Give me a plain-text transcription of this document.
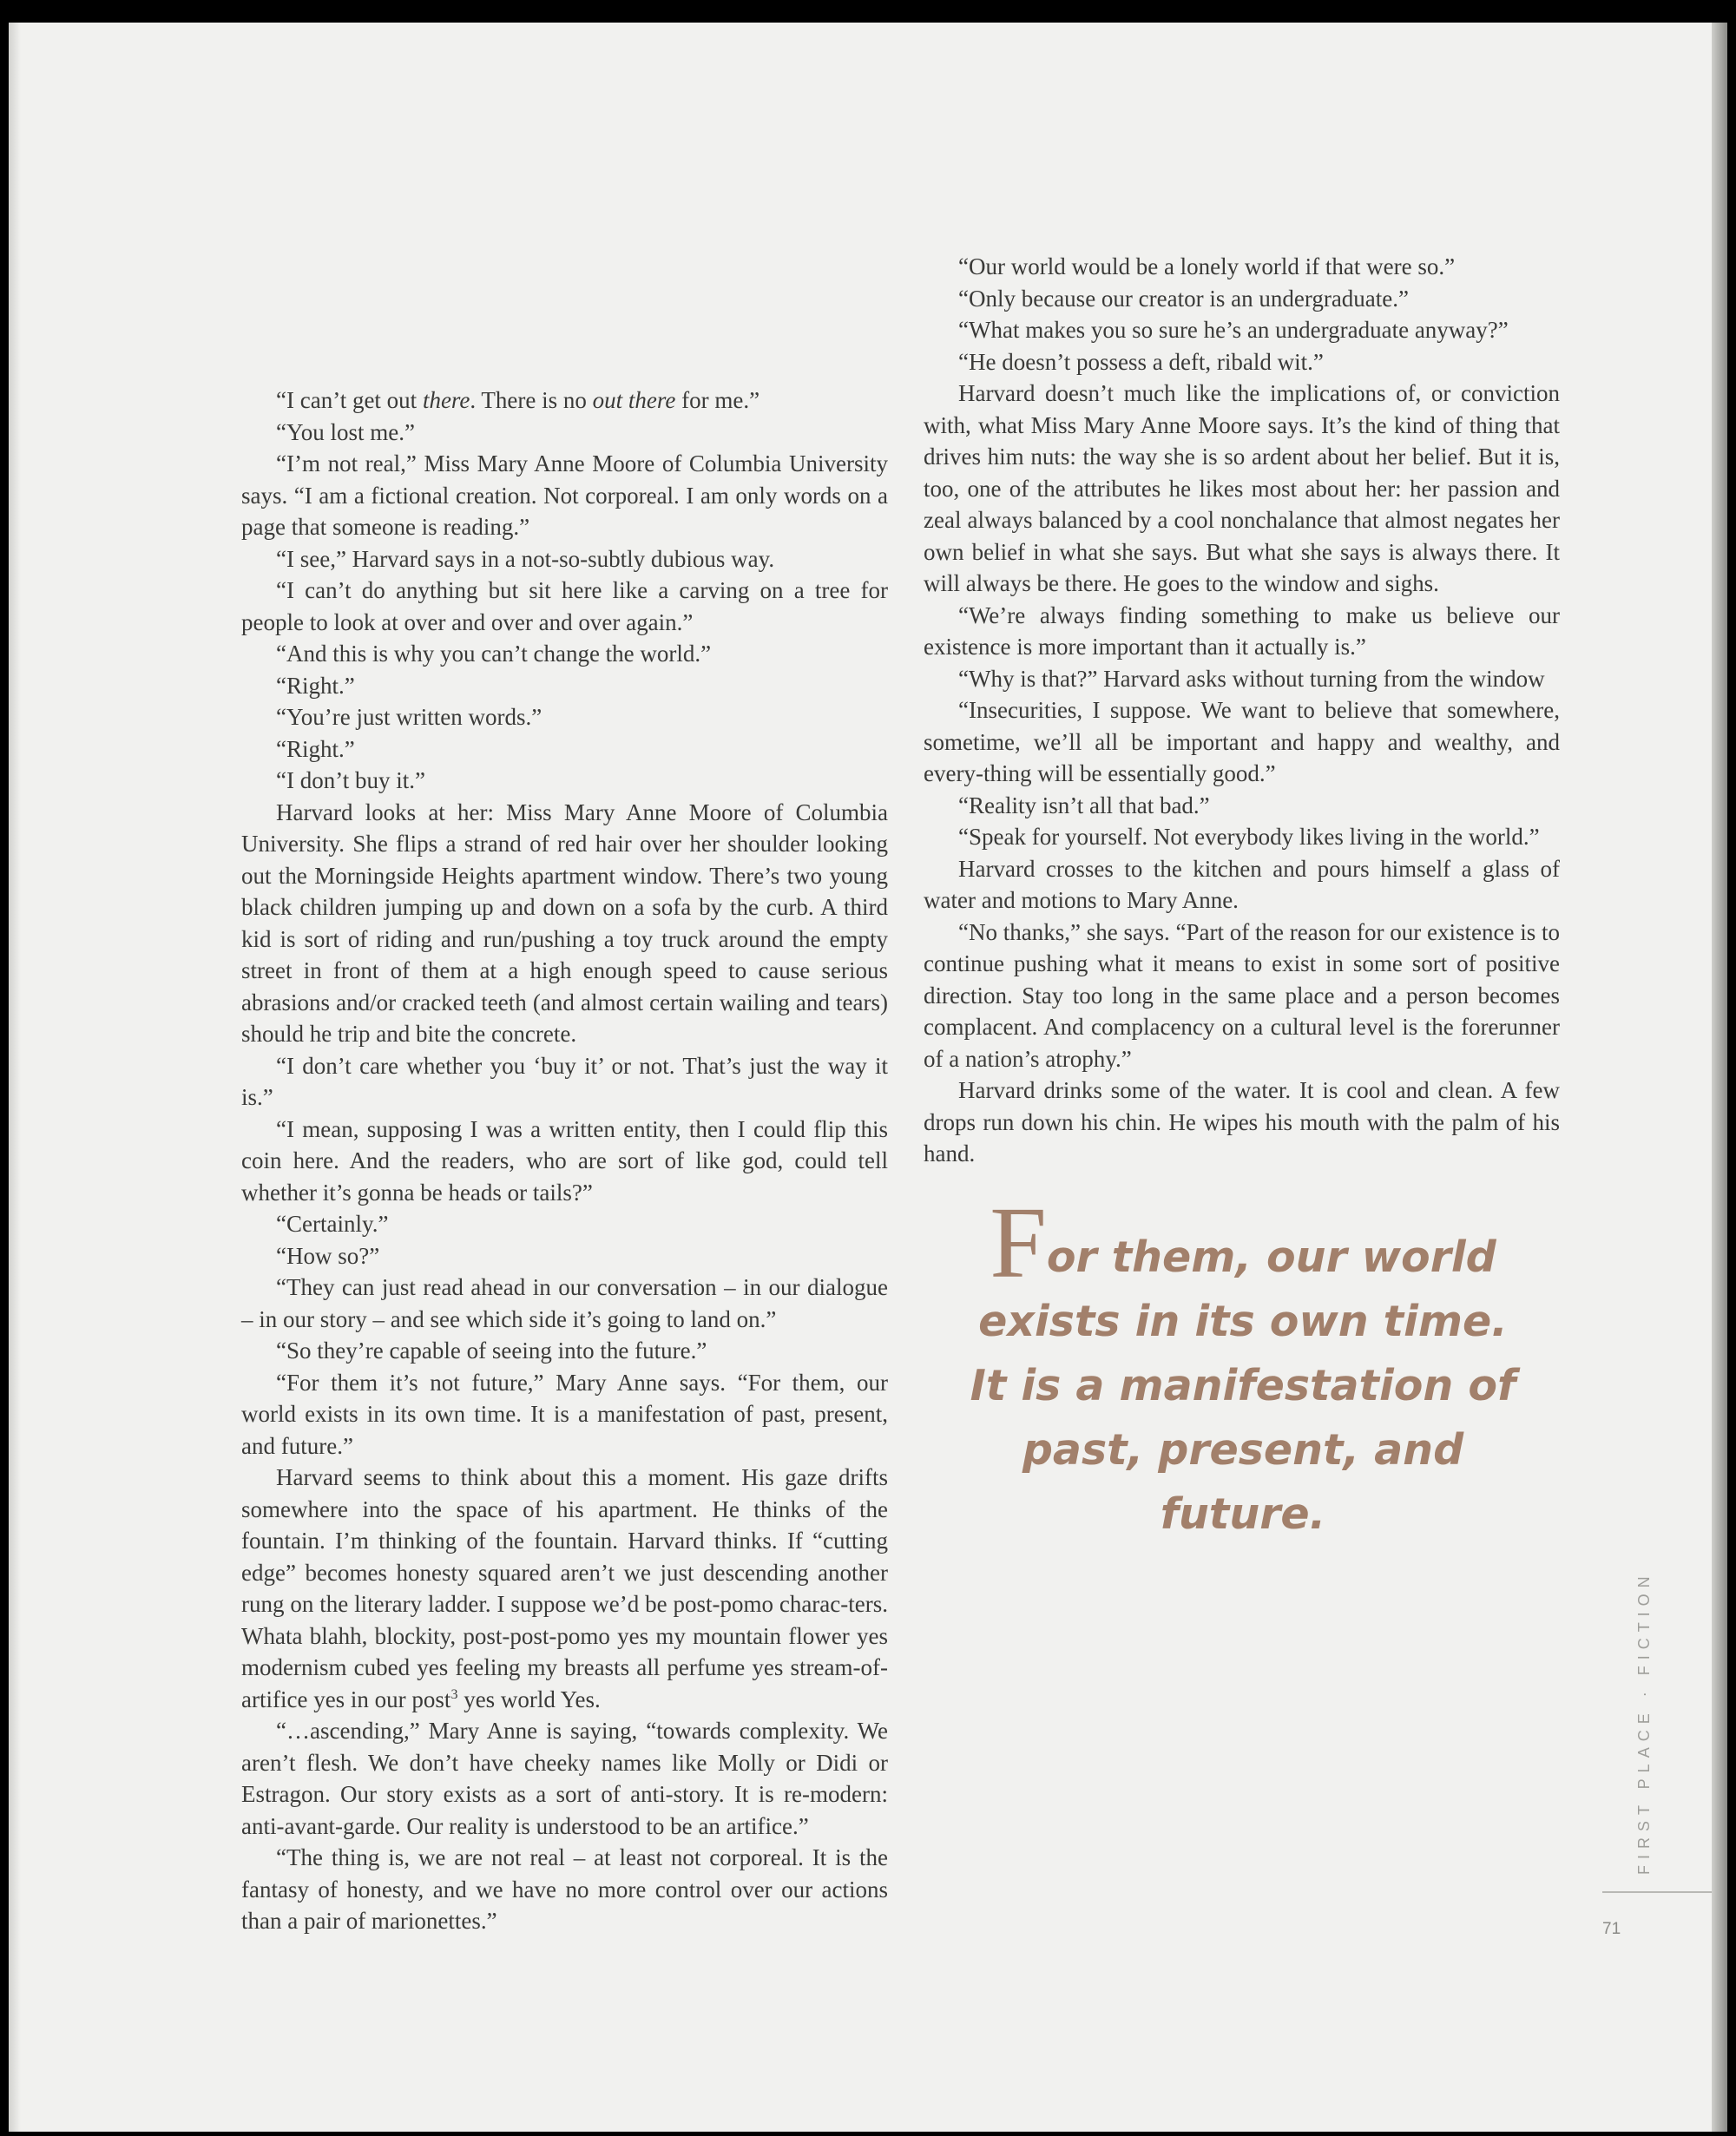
“I can’t get out there. There is no out there for me.”

“You lost me.”

“I’m not real,” Miss Mary Anne Moore of Columbia University says. “I am a fictional creation. Not corporeal. I am only words on a page that someone is reading.”

“I see,” Harvard says in a not-so-subtly dubious way.

“I can’t do anything but sit here like a carving on a tree for people to look at over and over and over again.”

“And this is why you can’t change the world.”

“Right.”

“You’re just written words.”

“Right.”

“I don’t buy it.”

Harvard looks at her: Miss Mary Anne Moore of Columbia University. She flips a strand of red hair over her shoulder looking out the Morningside Heights apartment window. There’s two young black children jumping up and down on a sofa by the curb. A third kid is sort of riding and run/pushing a toy truck around the empty street in front of them at a high enough speed to cause serious abrasions and/or cracked teeth (and almost certain wailing and tears) should he trip and bite the concrete.

“I don’t care whether you ‘buy it’ or not. That’s just the way it is.”

“I mean, supposing I was a written entity, then I could flip this coin here. And the readers, who are sort of like god, could tell whether it’s gonna be heads or tails?”

“Certainly.”

“How so?”

“They can just read ahead in our conversation – in our dialogue – in our story – and see which side it’s going to land on.”

“So they’re capable of seeing into the future.”

“For them it’s not future,” Mary Anne says. “For them, our world exists in its own time. It is a manifestation of past, present, and future.”

Harvard seems to think about this a moment. His gaze drifts somewhere into the space of his apartment. He thinks of the fountain. I’m thinking of the fountain. Harvard thinks. If “cutting edge” becomes honesty squared aren’t we just descending another rung on the literary ladder. I suppose we’d be post-pomo charac-ters. Whata blahh, blockity, post-post-pomo yes my mountain flower yes modernism cubed yes feeling my breasts all perfume yes stream-of-artifice yes in our post$^3$ yes world Yes.

“…ascending,” Mary Anne is saying, “towards complexity. We aren’t flesh. We don’t have cheeky names like Molly or Didi or Estragon. Our story exists as a sort of anti-story. It is re-modern: anti-avant-garde. Our reality is understood to be an artifice.”

“The thing is, we are not real – at least not corporeal. It is the fantasy of honesty, and we have no more control over our actions than a pair of marionettes.”

“Our world would be a lonely world if that were so.”

“Only because our creator is an undergraduate.”

“What makes you so sure he’s an undergraduate anyway?”

“He doesn’t possess a deft, ribald wit.”

Harvard doesn’t much like the implications of, or conviction with, what Miss Mary Anne Moore says. It’s the kind of thing that drives him nuts: the way she is so ardent about her belief. But it is, too, one of the attributes he likes most about her: her passion and zeal always balanced by a cool nonchalance that almost negates her own belief in what she says. But what she says is always there. It will always be there. He goes to the window and sighs.

“We’re always finding something to make us believe our existence is more important than it actually is.”

“Why is that?” Harvard asks without turning from the window

“Insecurities, I suppose. We want to believe that somewhere, sometime, we’ll all be important and happy and wealthy, and every-thing will be essentially good.”

“Reality isn’t all that bad.”

“Speak for yourself. Not everybody likes living in the world.”

Harvard crosses to the kitchen and pours himself a glass of water and motions to Mary Anne.

“No thanks,” she says. “Part of the reason for our existence is to continue pushing what it means to exist in some sort of positive direction. Stay too long in the same place and a person becomes complacent. And complacency on a cultural level is the forerunner of a nation’s atrophy.”

Harvard drinks some of the water. It is cool and clean. A few drops run down his chin. He wipes his mouth with the palm of his hand.

For them, our world exists in its own time. It is a manifestation of past, present, and future.
FIRST PLACE · FICTION
71
